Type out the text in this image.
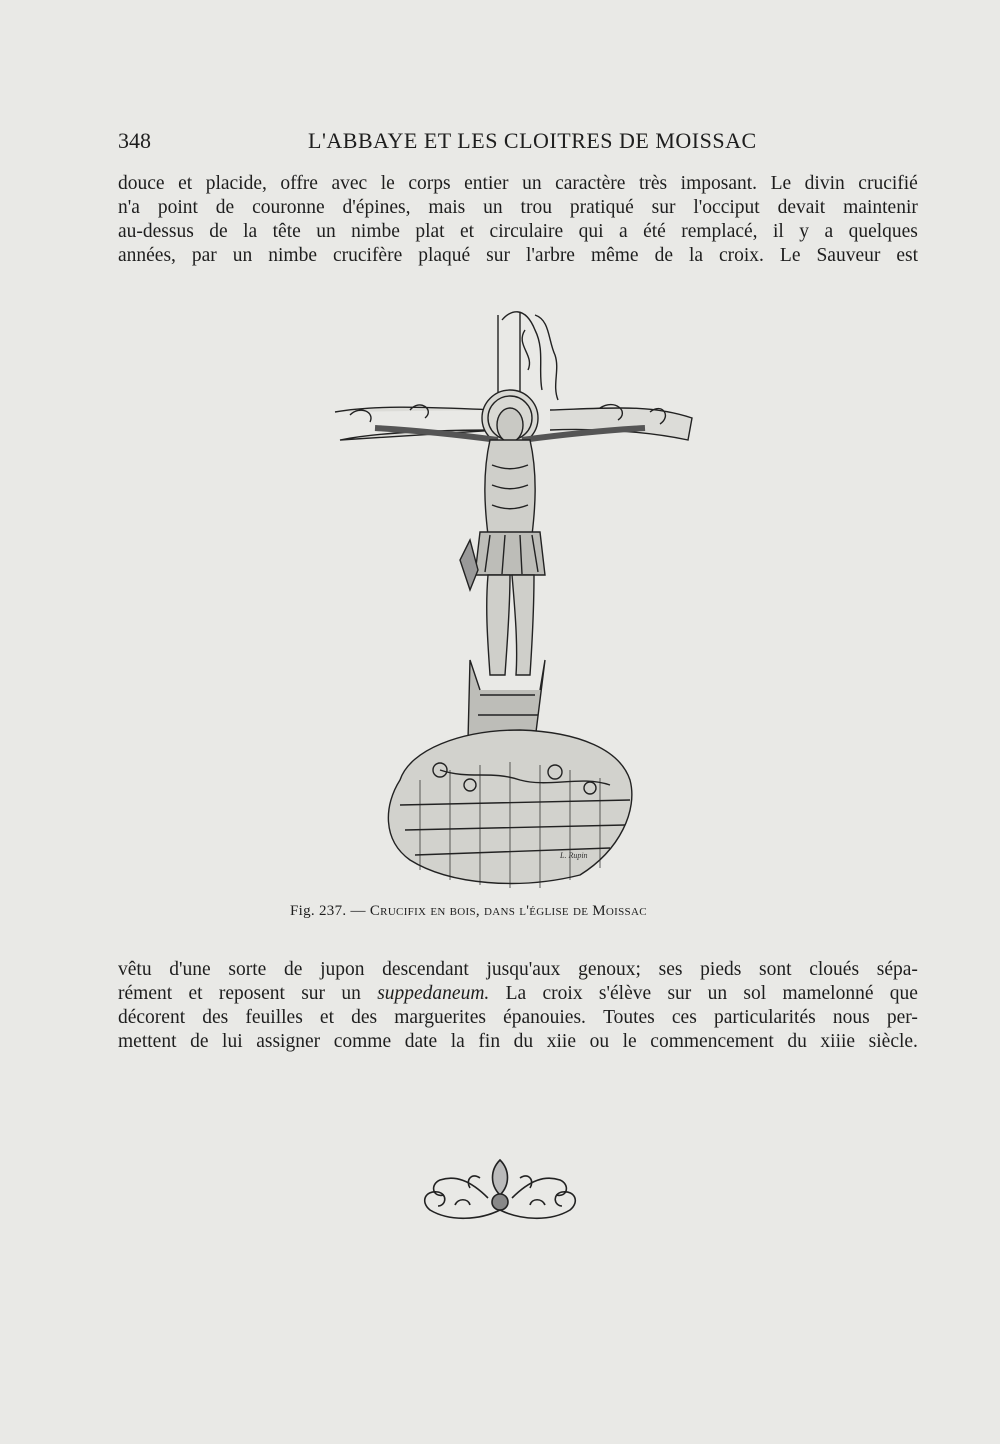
348	L'ABBAYE ET LES CLOITRES DE MOISSAC
douce et placide, offre avec le corps entier un caractère très imposant. Le divin crucifié
n'a point de couronne d'épines, mais un trou pratiqué sur l'occiput devait maintenir
au-dessus de la tête un nimbe plat et circulaire qui a été remplacé, il y a quelques
années, par un nimbe crucifère plaqué sur l'arbre même de la croix. Le Sauveur est
L. Rupin
Fig. 237. — Crucifix en bois, dans l'église de Moissac
vêtu d'une sorte de jupon descendant jusqu'aux genoux; ses pieds sont cloués sépa-
rément et reposent sur un suppedaneum. La croix s'élève sur un sol mamelonné que
décorent des feuilles et des marguerites épanouies. Toutes ces particularités nous per-
mettent de lui assigner comme date la fin du xiie ou le commencement du xiiie siècle.
